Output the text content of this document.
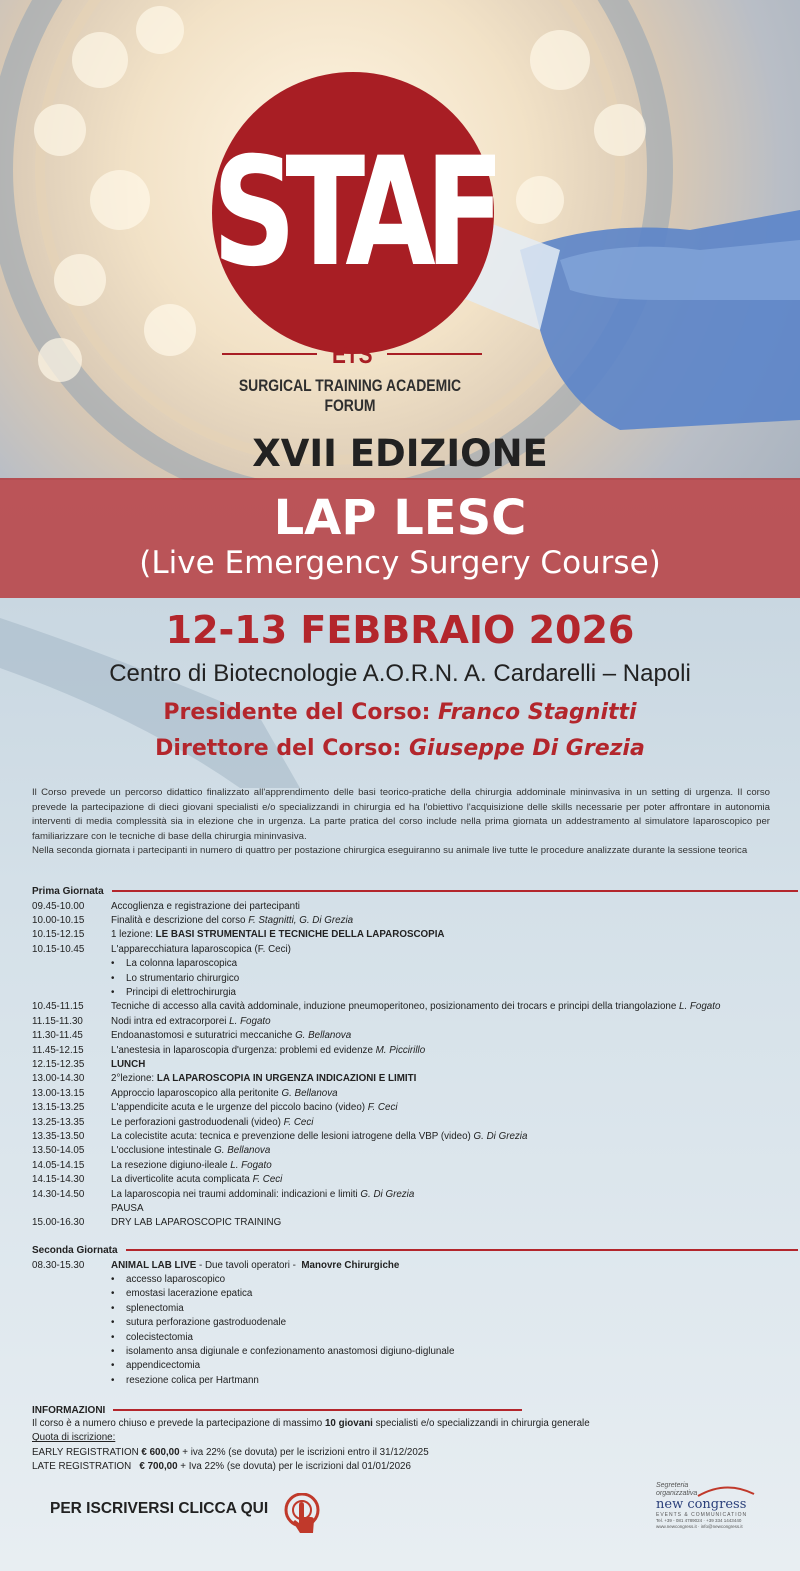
STAF
ETS
SURGICAL TRAINING ACADEMIC FORUM
XVII EDIZIONE
LAP LESC
(Live Emergency Surgery Course)
12-13 FEBBRAIO 2026
Centro di Biotecnologie A.O.R.N. A. Cardarelli – Napoli
Presidente del Corso: Franco Stagnitti
Direttore del Corso: Giuseppe Di Grezia

Il Corso prevede un percorso didattico finalizzato all'apprendimento delle basi teorico-pratiche della chirurgia addominale mininvasiva in un setting di urgenza. Il corso prevede la partecipazione di dieci giovani specialisti e/o specializzandi in chirurgia ed ha l'obiettivo l'acquisizione delle skills necessarie per poter affrontare in autonomia interventi di media complessità sia in elezione che in urgenza. La parte pratica del corso include nella prima giornata un addestramento al simulatore laparoscopico per familiarizzare con le tecniche di base della chirurgia mininvasiva.

Nella seconda giornata i partecipanti in numero di quattro per postazione chirurgica eseguiranno su animale live tutte le procedure analizzate durante la sessione teorica

Prima Giornata
09.45-10.00	Accoglienza e registrazione dei partecipanti
10.00-10.15	Finalità e descrizione del corso F. Stagnitti, G. Di Grezia
10.15-12.15	1 lezione: LE BASI STRUMENTALI E TECNICHE DELLA LAPAROSCOPIA
10.15-10.45	L'apparecchiatura laparoscopica (F. Ceci)
• La colonna laparoscopica
• Lo strumentario chirurgico
• Principi di elettrochirurgia
10.45-11.15	Tecniche di accesso alla cavità addominale, induzione pneumoperitoneo, posizionamento dei trocars e principi della triangolazione L. Fogato
11.15-11.30	Nodi intra ed extracorporei L. Fogato
11.30-11.45	Endoanastomosi e suturatrici meccaniche G. Bellanova
11.45-12.15	L'anestesia in laparoscopia d'urgenza: problemi ed evidenze M. Piccirillo
12.15-12.35	LUNCH
13.00-14.30	2°lezione: LA LAPAROSCOPIA IN URGENZA INDICAZIONI E LIMITI
13.00-13.15	Approccio laparoscopico alla peritonite G. Bellanova
13.15-13.25	L'appendicite acuta e le urgenze del piccolo bacino (video) F. Ceci
13.25-13.35	Le perforazioni gastroduodenali (video) F. Ceci
13.35-13.50	La colecistite acuta: tecnica e prevenzione delle lesioni iatrogene della VBP (video) G. Di Grezia
13.50-14.05	L'occlusione intestinale G. Bellanova
14.05-14.15	La resezione digiuno-ileale L. Fogato
14.15-14.30	La diverticolite acuta complicata F. Ceci
14.30-14.50	La laparoscopia nei traumi addominali: indicazioni e limiti G. Di Grezia
PAUSA
15.00-16.30	DRY LAB LAPAROSCOPIC TRAINING
Seconda Giornata
08.30-15.30	ANIMAL LAB LIVE - Due tavoli operatori -  Manovre Chirurgiche
• accesso laparoscopico
• emostasi lacerazione epatica
• splenectomia
• sutura perforazione gastroduodenale
• colecistectomia
• isolamento ansa digiunale e confezionamento anastomosi digiuno-diglunale
• appendicectomia
• resezione colica per Hartmann
INFORMAZIONI
Il corso è a numero chiuso e prevede la partecipazione di massimo 10 giovani specialisti e/o specializzandi in chirurgia generale
Quota di iscrizione:
EARLY REGISTRATION € 600,00 + iva 22% (se dovuta) per le iscrizioni entro il 31/12/2025
LATE REGISTRATION   € 700,00 + Iva 22% (se dovuta) per le iscrizioni dal 01/01/2026
PER ISCRIVERSI CLICCA QUI
Segreteria organizzativa
new congress
EVENTS & COMMUNICATION
Tel. +39 - 081 4789024 · +39 334 1443440
www.newcongress.it · info@newcongress.it
